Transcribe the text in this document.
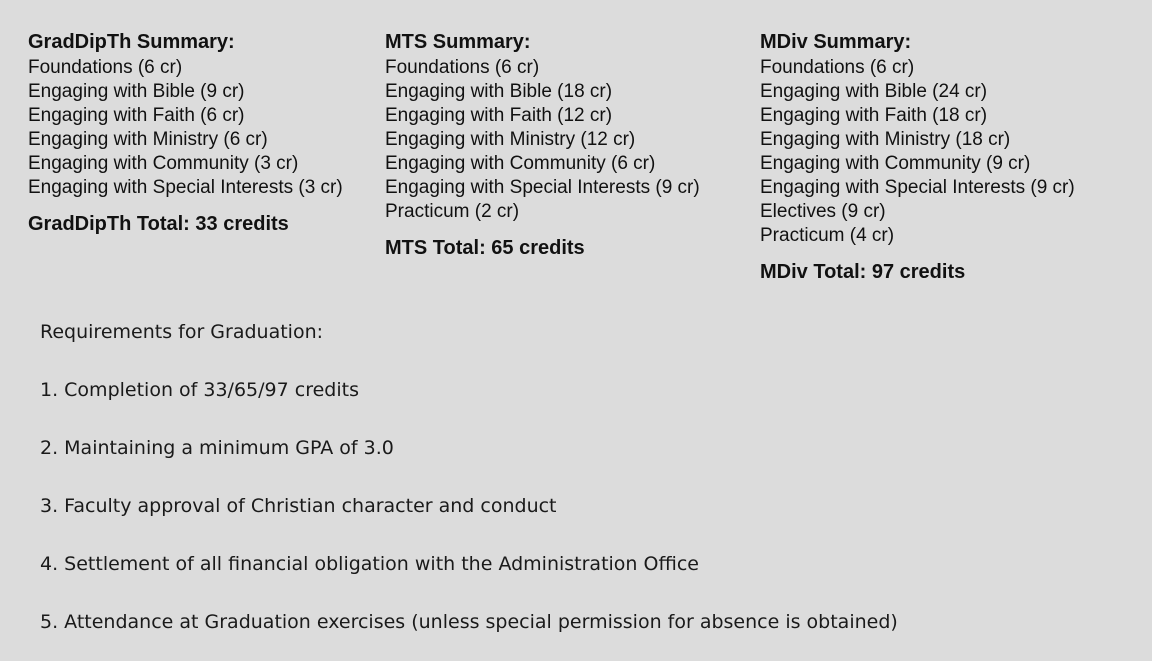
GradDipTh Summary:
Foundations (6 cr)
Engaging with Bible (9 cr)
Engaging with Faith (6 cr)
Engaging with Ministry (6 cr)
Engaging with Community (3 cr)
Engaging with Special Interests (3 cr)
GradDipTh Total: 33 credits
MTS Summary:
Foundations (6 cr)
Engaging with Bible (18 cr)
Engaging with Faith (12 cr)
Engaging with Ministry (12 cr)
Engaging with Community (6 cr)
Engaging with Special Interests (9 cr)
Practicum (2 cr)
MTS Total: 65 credits
MDiv Summary:
Foundations (6 cr)
Engaging with Bible (24 cr)
Engaging with Faith (18 cr)
Engaging with Ministry (18 cr)
Engaging with Community (9 cr)
Engaging with Special Interests (9 cr)
Electives (9 cr)
Practicum (4 cr)
MDiv Total: 97 credits

Requirements for Graduation:

1. Completion of 33/65/97 credits
2. Maintaining a minimum GPA of 3.0
3. Faculty approval of Christian character and conduct
4. Settlement of all financial obligation with the Administration Office
5. Attendance at Graduation exercises (unless special permission for absence is obtained)
